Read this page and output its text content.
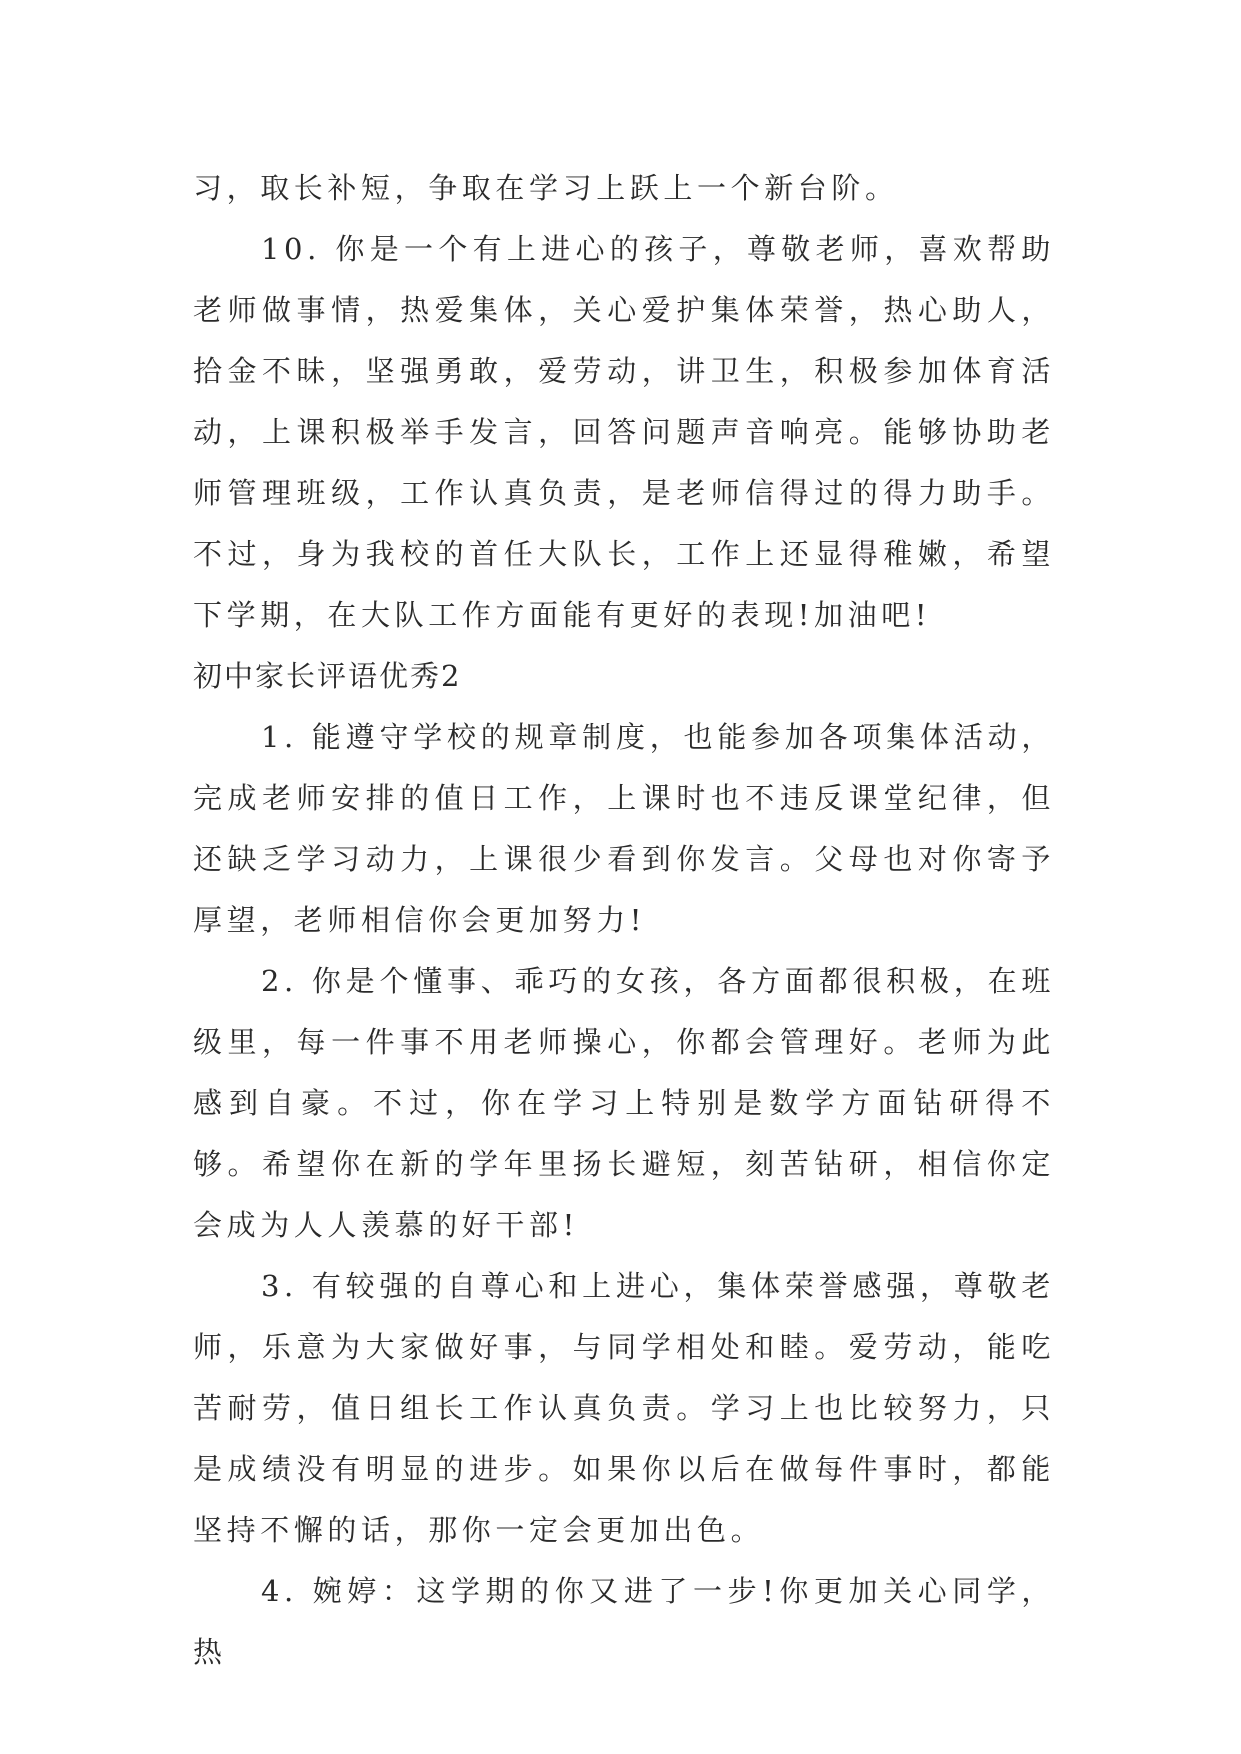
习，取长补短，争取在学习上跃上一个新台阶。

10. 你是一个有上进心的孩子，尊敬老师，喜欢帮助老师做事情，热爱集体，关心爱护集体荣誉，热心助人，拾金不昧，坚强勇敢，爱劳动，讲卫生，积极参加体育活动，上课积极举手发言，回答问题声音响亮。能够协助老师管理班级，工作认真负责，是老师信得过的得力助手。不过，身为我校的首任大队长，工作上还显得稚嫩，希望下学期，在大队工作方面能有更好的表现!加油吧!

初中家长评语优秀2

1. 能遵守学校的规章制度，也能参加各项集体活动，完成老师安排的值日工作，上课时也不违反课堂纪律，但还缺乏学习动力，上课很少看到你发言。父母也对你寄予厚望，老师相信你会更加努力!

2. 你是个懂事、乖巧的女孩，各方面都很积极，在班级里，每一件事不用老师操心，你都会管理好。老师为此感到自豪。不过，你在学习上特别是数学方面钻研得不够。希望你在新的学年里扬长避短，刻苦钻研，相信你定会成为人人羡慕的好干部!

3. 有较强的自尊心和上进心，集体荣誉感强，尊敬老师，乐意为大家做好事，与同学相处和睦。爱劳动，能吃苦耐劳，值日组长工作认真负责。学习上也比较努力，只是成绩没有明显的进步。如果你以后在做每件事时，都能坚持不懈的话，那你一定会更加出色。

4. 婉婷：这学期的你又进了一步!你更加关心同学，热
